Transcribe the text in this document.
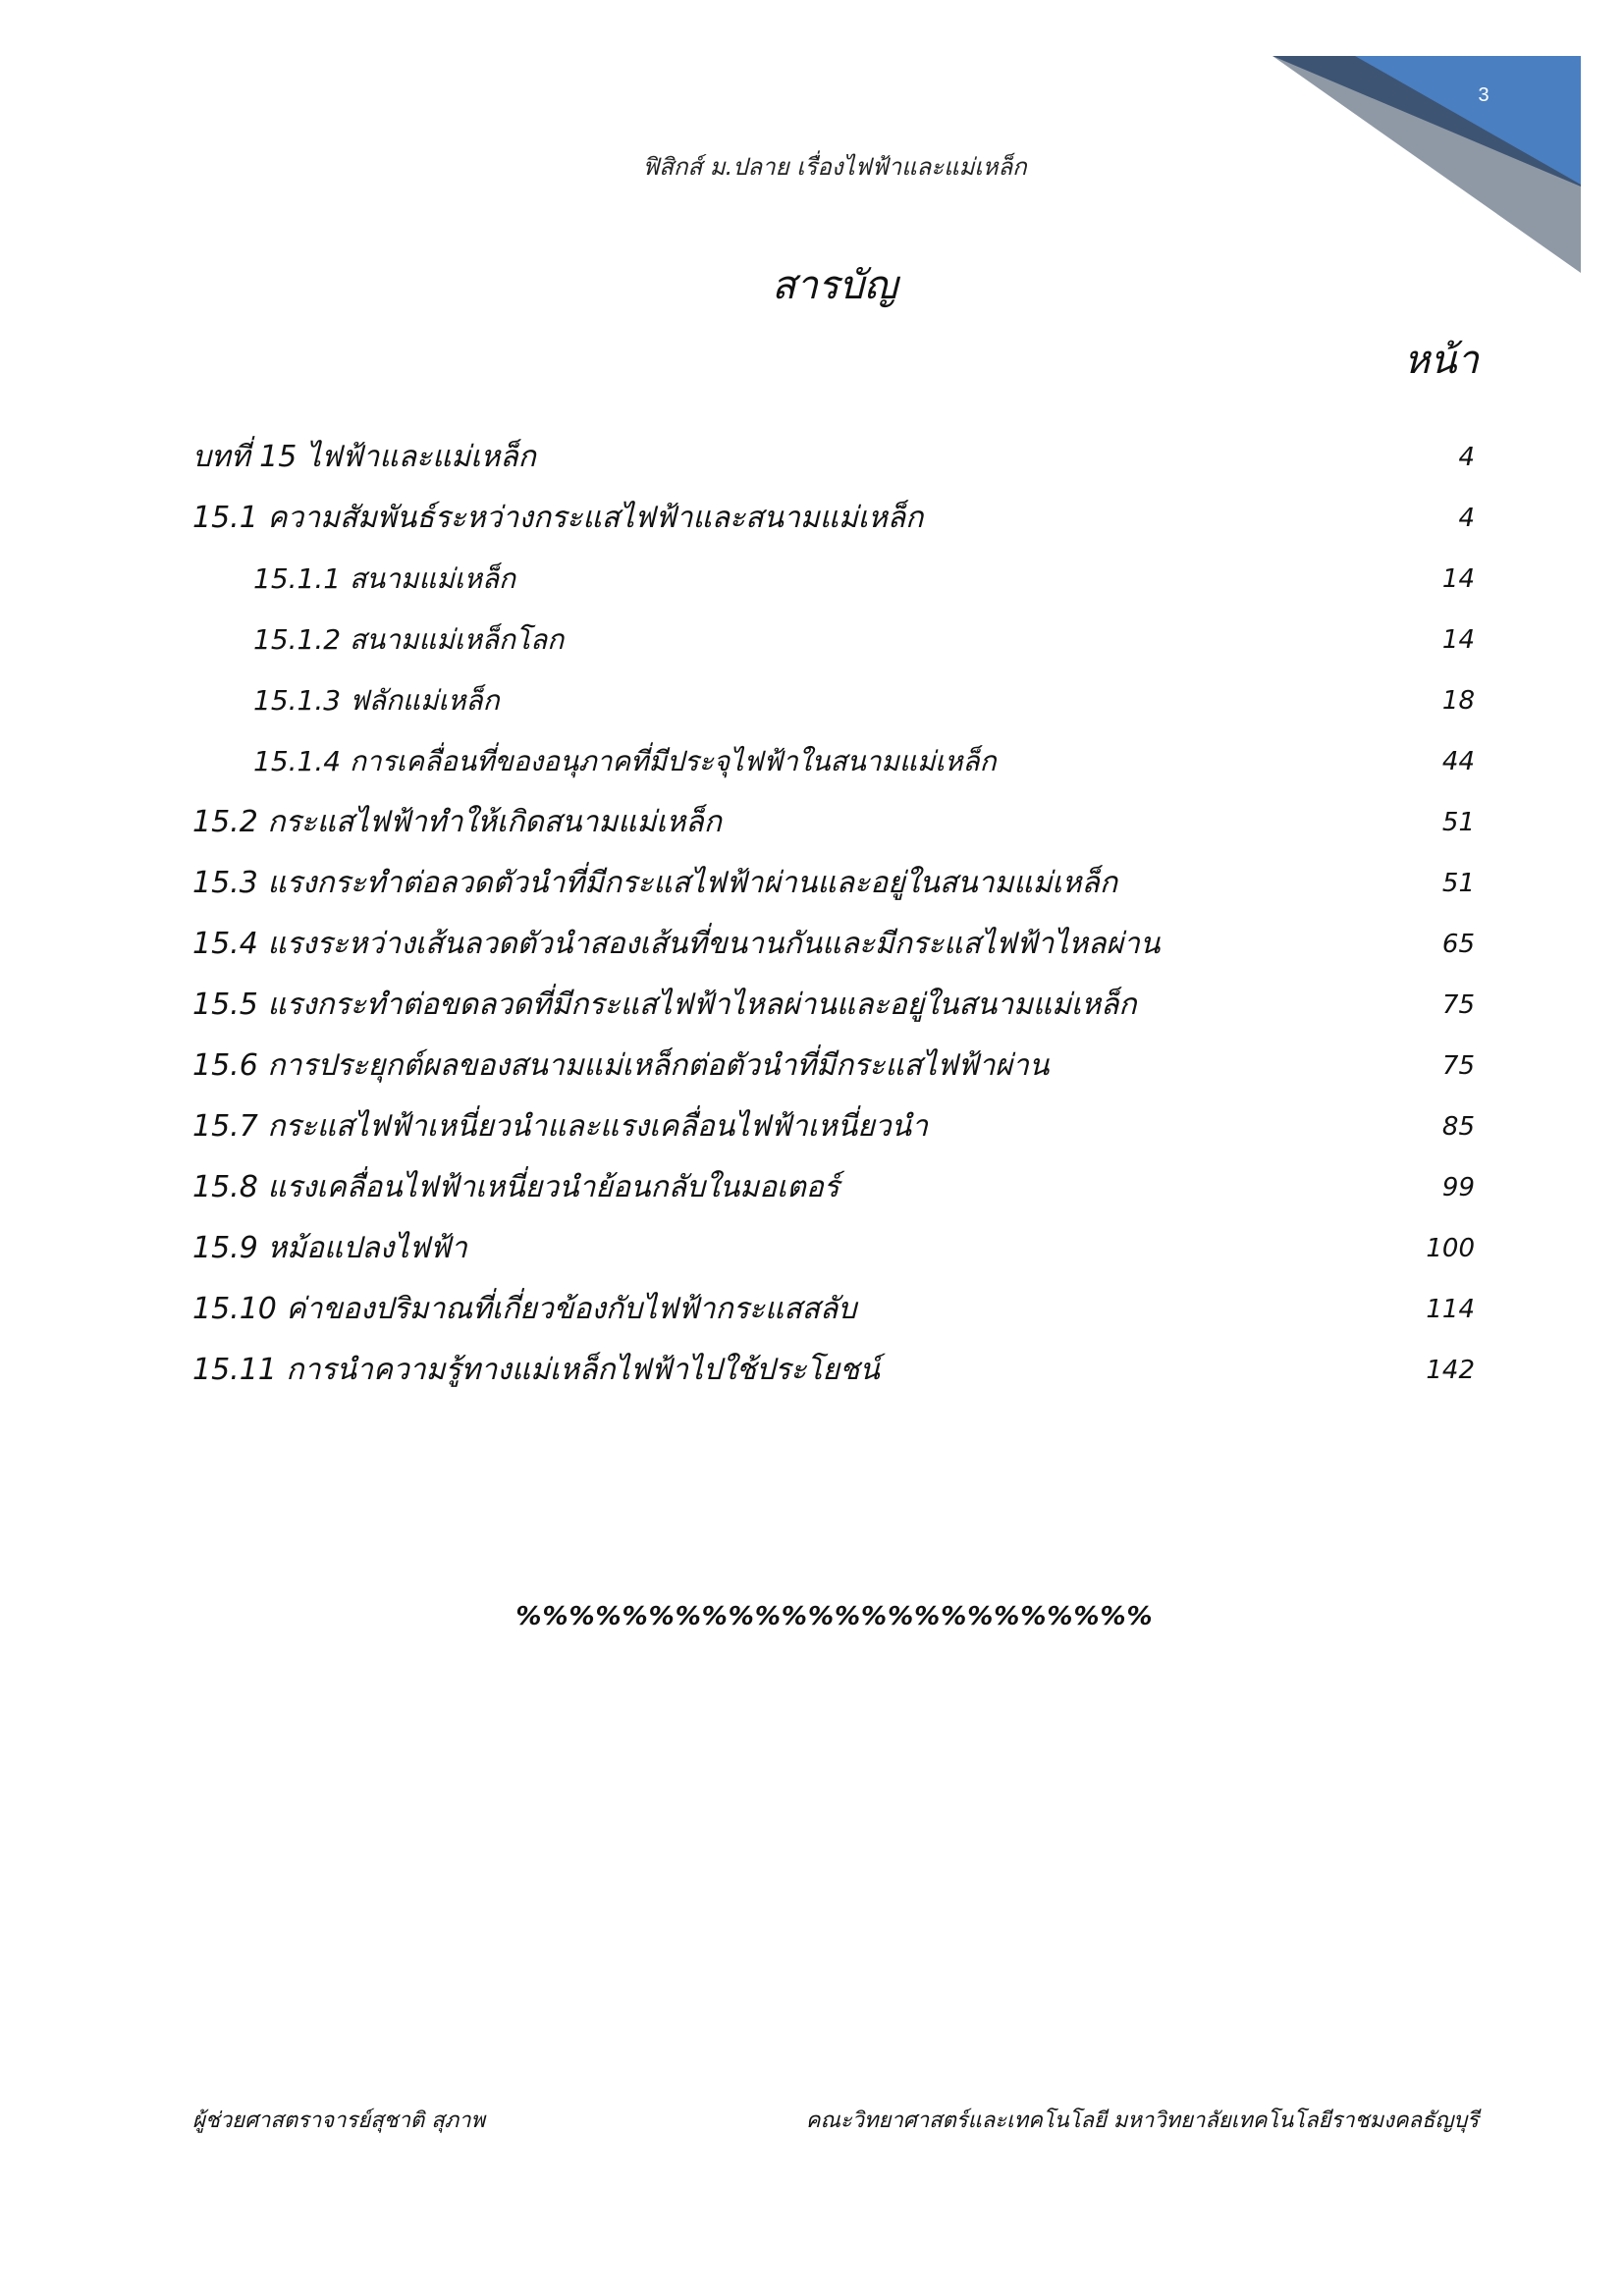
3
ฟิสิกส์ ม.ปลาย เรื่องไฟฟ้าและแม่เหล็ก
สารบัญ
หน้า
บทที่ 15 ไฟฟ้าและแม่เหล็ก	4
15.1 ความสัมพันธ์ระหว่างกระแสไฟฟ้าและสนามแม่เหล็ก	4
15.1.1 สนามแม่เหล็ก	14
15.1.2 สนามแม่เหล็กโลก	14
15.1.3 ฟลักแม่เหล็ก	18
15.1.4 การเคลื่อนที่ของอนุภาคที่มีประจุไฟฟ้าในสนามแม่เหล็ก	44
15.2 กระแสไฟฟ้าทำให้เกิดสนามแม่เหล็ก	51
15.3 แรงกระทำต่อลวดตัวนำที่มีกระแสไฟฟ้าผ่านและอยู่ในสนามแม่เหล็ก	51
15.4 แรงระหว่างเส้นลวดตัวนำสองเส้นที่ขนานกันและมีกระแสไฟฟ้าไหลผ่าน	65
15.5 แรงกระทำต่อขดลวดที่มีกระแสไฟฟ้าไหลผ่านและอยู่ในสนามแม่เหล็ก	75
15.6 การประยุกต์ผลของสนามแม่เหล็กต่อตัวนำที่มีกระแสไฟฟ้าผ่าน	75
15.7 กระแสไฟฟ้าเหนี่ยวนำและแรงเคลื่อนไฟฟ้าเหนี่ยวนำ	85
15.8 แรงเคลื่อนไฟฟ้าเหนี่ยวนำย้อนกลับในมอเตอร์	99
15.9 หม้อแปลงไฟฟ้า	100
15.10 ค่าของปริมาณที่เกี่ยวข้องกับไฟฟ้ากระแสสลับ	114
15.11 การนำความรู้ทางแม่เหล็กไฟฟ้าไปใช้ประโยชน์	142
%%%%%%%%%%%%%%%%%%%%%%%%
ผู้ช่วยศาสตราจารย์สุชาติ สุภาพ	คณะวิทยาศาสตร์และเทคโนโลยี มหาวิทยาลัยเทคโนโลยีราชมงคลธัญบุรี
